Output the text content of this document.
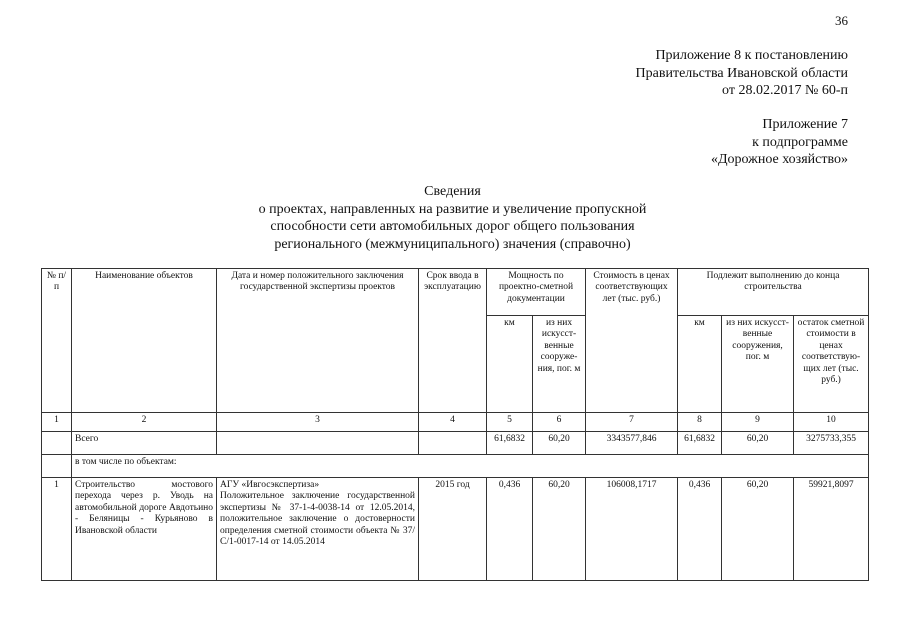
36
Приложение 8 к постановлению
Правительства Ивановской области
от 28.02.2017 № 60-п
Приложение 7
к подпрограмме
«Дорожное хозяйство»
Сведения
о проектах, направленных на развитие и увеличение пропускной
способности сети автомобильных дорог общего пользования
регионального (межмуниципального) значения (справочно)
№ п/п	Наименование объектов	Дата и номер положительного заключения государственной экспертизы проектов	Срок ввода в эксплуатацию	Мощность по проектно-сметной документации		Стоимость в ценах соответствующих лет (тыс. руб.)	Подлежит выполнению до конца строительства		
				км	из них искусст-венные сооруже-ния, пог. м		км	из них искусст-венные сооружения, пог. м	остаток сметной стоимости в ценах соответствую-щих лет (тыс. руб.)
1	2	3	4	5	6	7	8	9	10
	Всего			61,6832	60,20	3343577,846	61,6832	60,20	3275733,355
	в том числе по объектам:								
1	Строительство мостового перехода через р. Уводь на автомобильной дороге Авдотьино - Беляницы - Курьяново в Ивановской области	АГУ «Ивгосэкспертиза»
Положительное заключение государственной экспертизы № 37-1-4-0038-14 от 12.05.2014, положительное заключение о достоверности определения сметной стоимости объекта № 37/С/1-0017-14 от 14.05.2014	2015 год	0,436	60,20	106008,1717	0,436	60,20	59921,8097
